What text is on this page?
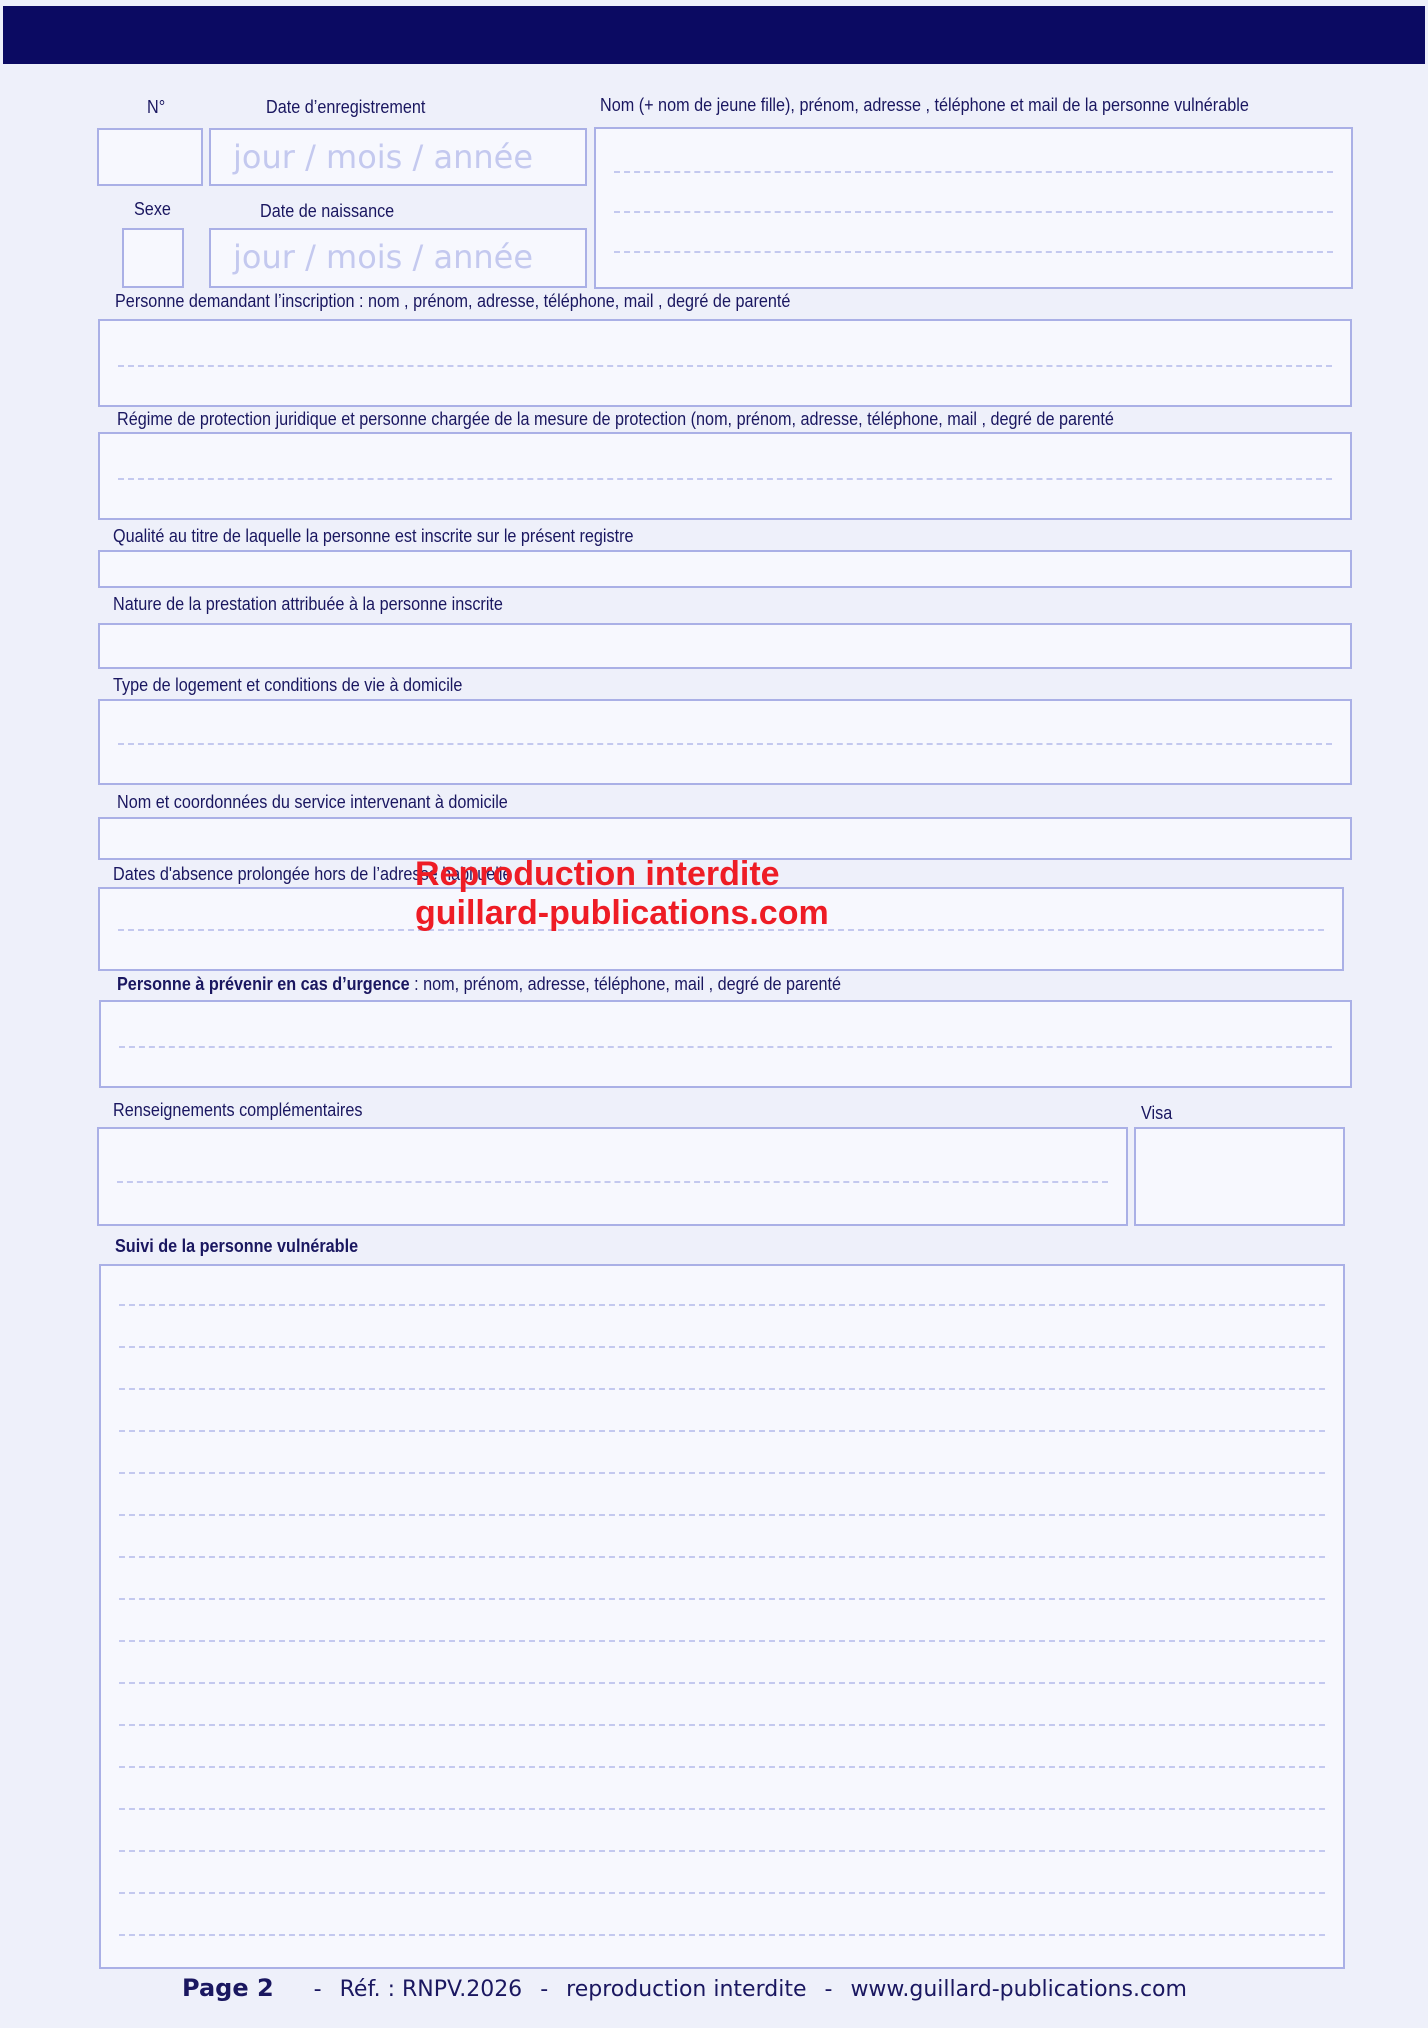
N°	Date d’enregistrement	Nom (+ nom de jeune fille), prénom, adresse , téléphone et mail de la personne vulnérable
jour / mois / année
Sexe	Date de naissance
jour / mois / année
Personne demandant l’inscription : nom , prénom, adresse, téléphone, mail , degré de parenté
Régime de protection juridique et personne chargée de la mesure de protection (nom, prénom, adresse, téléphone, mail , degré de parenté
Qualité au titre de laquelle la personne est inscrite sur le présent registre
Nature de la prestation attribuée à la personne inscrite
Type de logement et conditions de vie à domicile
Nom et coordonnées du service intervenant à domicile
Dates d'absence prolongée hors de l’adresse habituelle
Personne à prévenir en cas d’urgence : nom, prénom, adresse, téléphone, mail , degré de parenté
Renseignements complémentaires	Visa
Suivi de la personne vulnérable
Reproduction interdite
guillard-publications.com
Page 2 - Réf. : RNPV.2026 - reproduction interdite - www.guillard-publications.com
